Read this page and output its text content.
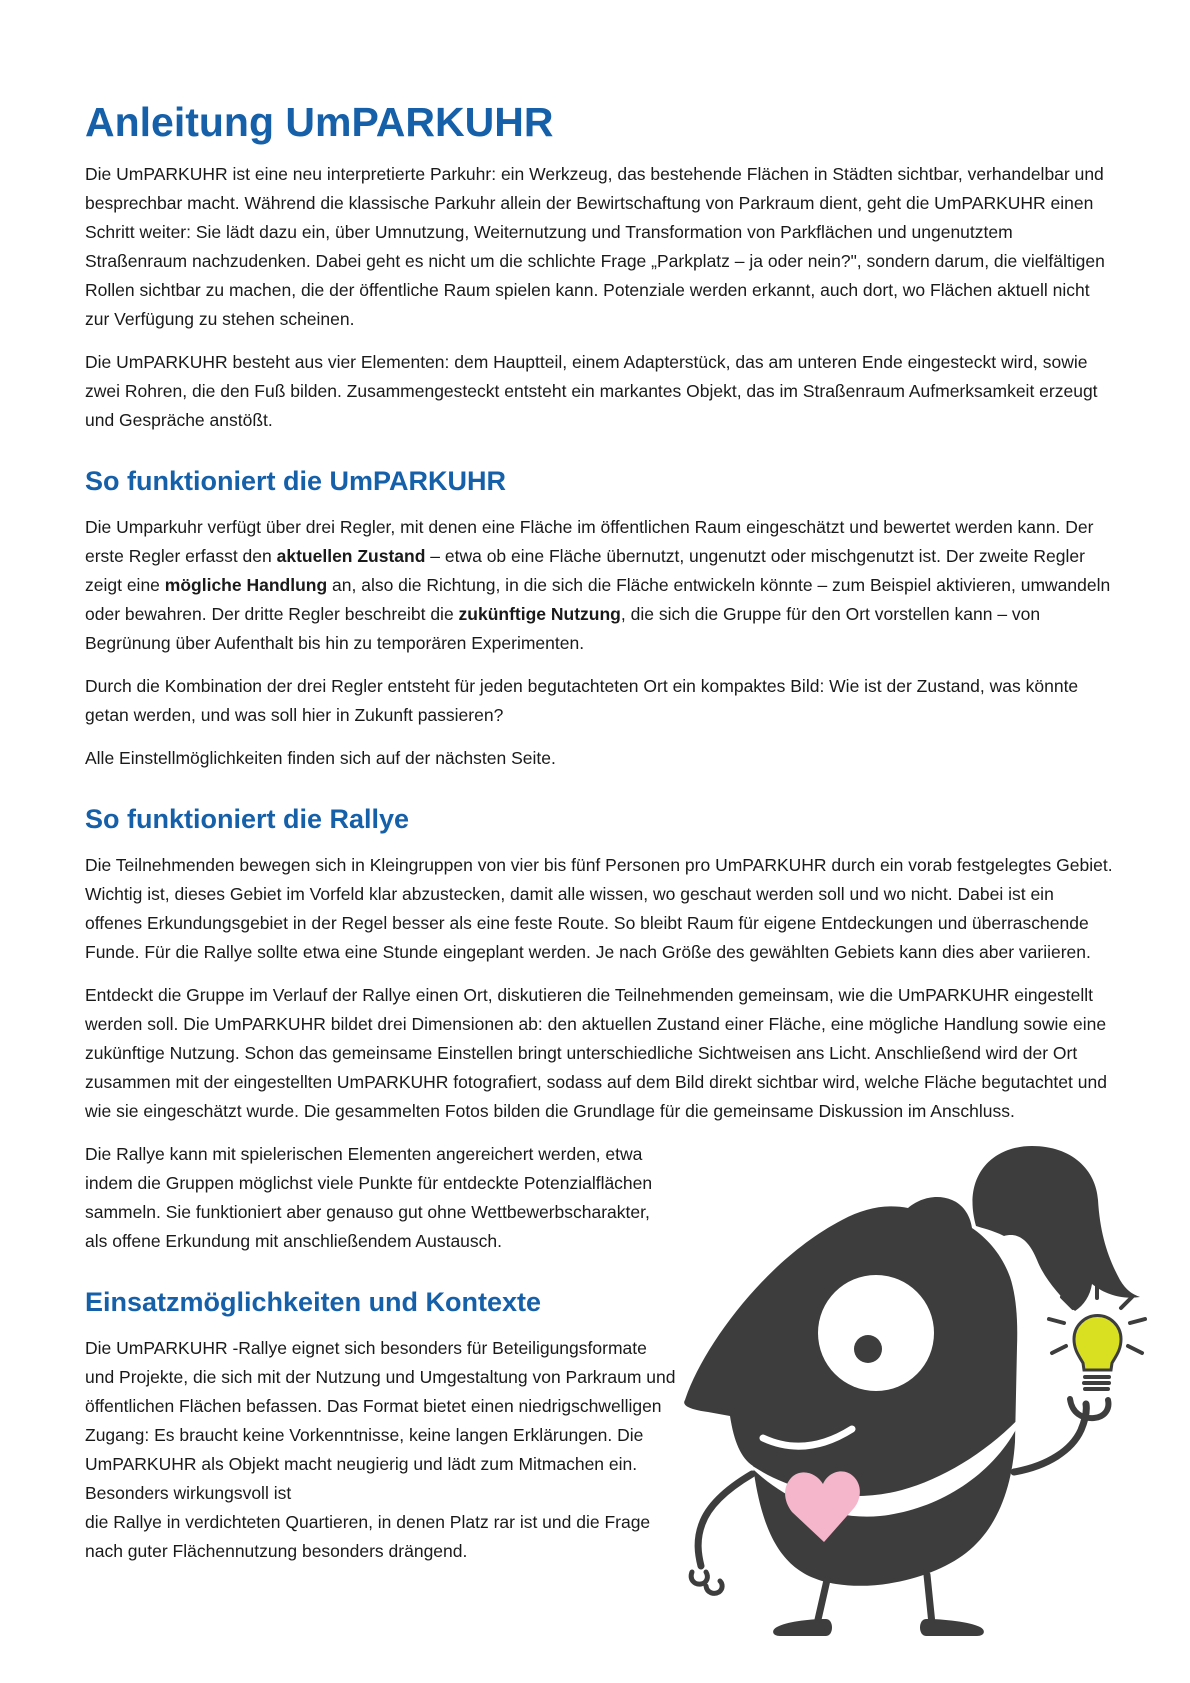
Anleitung UmPARKUHR

Die UmPARKUHR ist eine neu interpretierte Parkuhr: ein Werkzeug, das bestehende Flächen in Städten sichtbar, verhandelbar und besprechbar macht. Während die klassische Parkuhr allein der Bewirtschaftung von Parkraum dient, geht die UmPARKUHR einen Schritt weiter: Sie lädt dazu ein, über Umnutzung, Weiternutzung und Transformation von Parkflächen und ungenutztem Straßenraum nachzudenken. Dabei geht es nicht um die schlichte Frage „Parkplatz – ja oder nein?", sondern darum, die vielfältigen Rollen sichtbar zu machen, die der öffentliche Raum spielen kann. Potenziale werden erkannt, auch dort, wo Flächen aktuell nicht zur Verfügung zu stehen scheinen.

Die UmPARKUHR besteht aus vier Elementen: dem Hauptteil, einem Adapterstück, das am unteren Ende eingesteckt wird, sowie zwei Rohren, die den Fuß bilden. Zusammengesteckt entsteht ein markantes Objekt, das im Straßenraum Aufmerksamkeit erzeugt und Gespräche anstößt.

So funktioniert die UmPARKUHR

Die Umparkuhr verfügt über drei Regler, mit denen eine Fläche im öffentlichen Raum eingeschätzt und bewertet werden kann. Der erste Regler erfasst den aktuellen Zustand – etwa ob eine Fläche übernutzt, ungenutzt oder mischgenutzt ist. Der zweite Regler zeigt eine mögliche Handlung an, also die Richtung, in die sich die Fläche entwickeln könnte – zum Beispiel aktivieren, umwandeln oder bewahren. Der dritte Regler beschreibt die zukünftige Nutzung, die sich die Gruppe für den Ort vorstellen kann – von Begrünung über Aufenthalt bis hin zu temporären Experimenten.

Durch die Kombination der drei Regler entsteht für jeden begutachteten Ort ein kompaktes Bild: Wie ist der Zustand, was könnte getan werden, und was soll hier in Zukunft passieren?

Alle Einstellmöglichkeiten finden sich auf der nächsten Seite.

So funktioniert die Rallye

Die Teilnehmenden bewegen sich in Kleingruppen von vier bis fünf Personen pro UmPARKUHR durch ein vorab festgelegtes Gebiet. Wichtig ist, dieses Gebiet im Vorfeld klar abzustecken, damit alle wissen, wo geschaut werden soll und wo nicht. Dabei ist ein offenes Erkundungsgebiet in der Regel besser als eine feste Route. So bleibt Raum für eigene Entdeckungen und überraschende Funde. Für die Rallye sollte etwa eine Stunde eingeplant werden. Je nach Größe des gewählten Gebiets kann dies aber variieren.

Entdeckt die Gruppe im Verlauf der Rallye einen Ort, diskutieren die Teilnehmenden gemeinsam, wie die UmPARKUHR eingestellt werden soll. Die UmPARKUHR bildet drei Dimensionen ab: den aktuellen Zustand einer Fläche, eine mögliche Handlung sowie eine zukünftige Nutzung. Schon das gemeinsame Einstellen bringt unterschiedliche Sichtweisen ans Licht. Anschließend wird der Ort zusammen mit der eingestellten UmPARKUHR fotografiert, sodass auf dem Bild direkt sichtbar wird, welche Fläche begutachtet und wie sie eingeschätzt wurde. Die gesammelten Fotos bilden die Grundlage für die gemeinsame Diskussion im Anschluss.

Die Rallye kann mit spielerischen Elementen angereichert werden, etwa indem die Gruppen möglichst viele Punkte für entdeckte Potenzialflächen sammeln. Sie funktioniert aber genauso gut ohne Wettbewerbscharakter, als offene Erkundung mit anschließendem Austausch.

Einsatzmöglichkeiten und Kontexte

Die UmPARKUHR -Rallye eignet sich besonders für Beteiligungsformate und Projekte, die sich mit der Nutzung und Umgestaltung von Parkraum und öffentlichen Flächen befassen. Das Format bietet einen niedrigschwelligen Zugang: Es braucht keine Vorkenntnisse, keine langen Erklärungen. Die UmPARKUHR als Objekt macht neugierig und lädt zum Mitmachen ein. Besonders wirkungsvoll ist
die Rallye in verdichteten Quartieren, in denen Platz rar ist und die Frage nach guter Flächennutzung besonders drängend.
